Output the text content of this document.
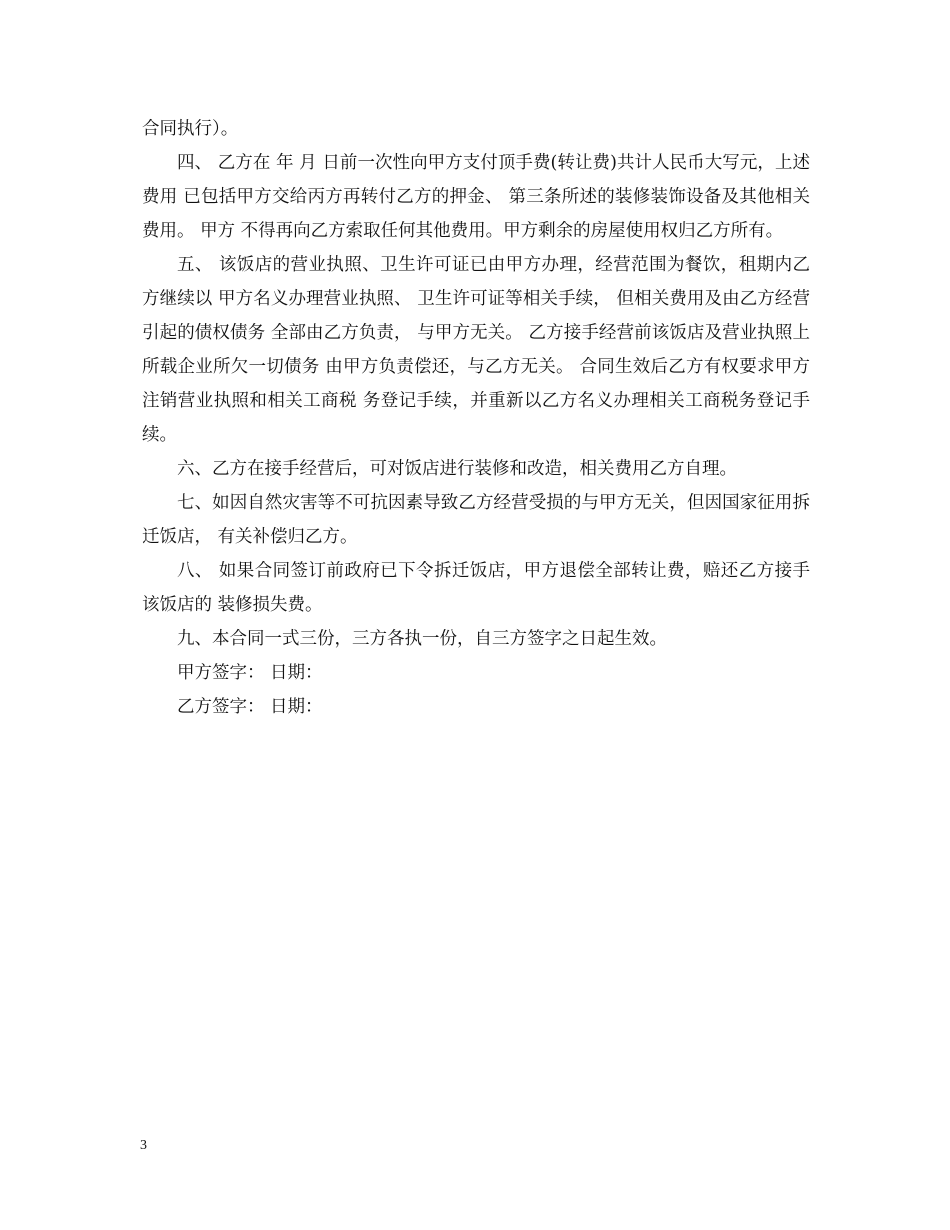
合同执行）。

四、 乙方在 年 月 日前一次性向甲方支付顶手费(转让费)共计人民币大写元，上述费用 已包括甲方交给丙方再转付乙方的押金、 第三条所述的装修装饰设备及其他相关费用。 甲方 不得再向乙方索取任何其他费用。甲方剩余的房屋使用权归乙方所有。

五、 该饭店的营业执照、卫生许可证已由甲方办理，经营范围为餐饮，租期内乙方继续以 甲方名义办理营业执照、 卫生许可证等相关手续， 但相关费用及由乙方经营引起的债权债务 全部由乙方负责， 与甲方无关。 乙方接手经营前该饭店及营业执照上所载企业所欠一切债务 由甲方负责偿还，与乙方无关。 合同生效后乙方有权要求甲方注销营业执照和相关工商税 务登记手续，并重新以乙方名义办理相关工商税务登记手续。

六、乙方在接手经营后，可对饭店进行装修和改造，相关费用乙方自理。

七、如因自然灾害等不可抗因素导致乙方经营受损的与甲方无关，但因国家征用拆迁饭店， 有关补偿归乙方。

八、 如果合同签订前政府已下令拆迁饭店，甲方退偿全部转让费，赔还乙方接手该饭店的 装修损失费。

九、本合同一式三份，三方各执一份，自三方签字之日起生效。

甲方签字： 日期：

乙方签字： 日期：

3
